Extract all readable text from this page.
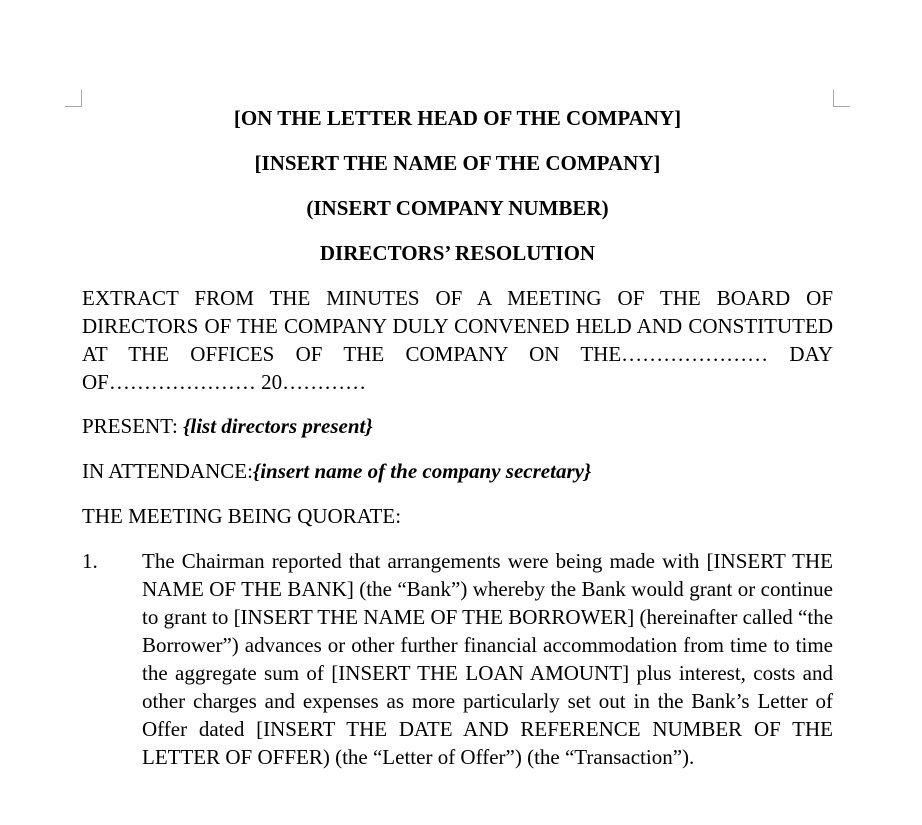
[ON THE LETTER HEAD OF THE COMPANY]
[INSERT THE NAME OF THE COMPANY]
(INSERT COMPANY NUMBER)
DIRECTORS’ RESOLUTION
EXTRACT FROM THE MINUTES OF A MEETING OF THE BOARD OF DIRECTORS OF THE COMPANY DULY CONVENED HELD AND CONSTITUTED AT THE OFFICES OF THE COMPANY ON THE………………… DAY OF………………… 20…………
PRESENT: {list directors present}
IN ATTENDANCE:{insert name of the company secretary}
THE MEETING BEING QUORATE:
1. The Chairman reported that arrangements were being made with [INSERT THE NAME OF THE BANK] (the “Bank”) whereby the Bank would grant or continue to grant to [INSERT THE NAME OF THE BORROWER] (hereinafter called “the Borrower”) advances or other further financial accommodation from time to time the aggregate sum of [INSERT THE LOAN AMOUNT] plus interest, costs and other charges and expenses as more particularly set out in the Bank’s Letter of Offer dated [INSERT THE DATE AND REFERENCE NUMBER OF THE LETTER OF OFFER) (the “Letter of Offer”) (the “Transaction”).
